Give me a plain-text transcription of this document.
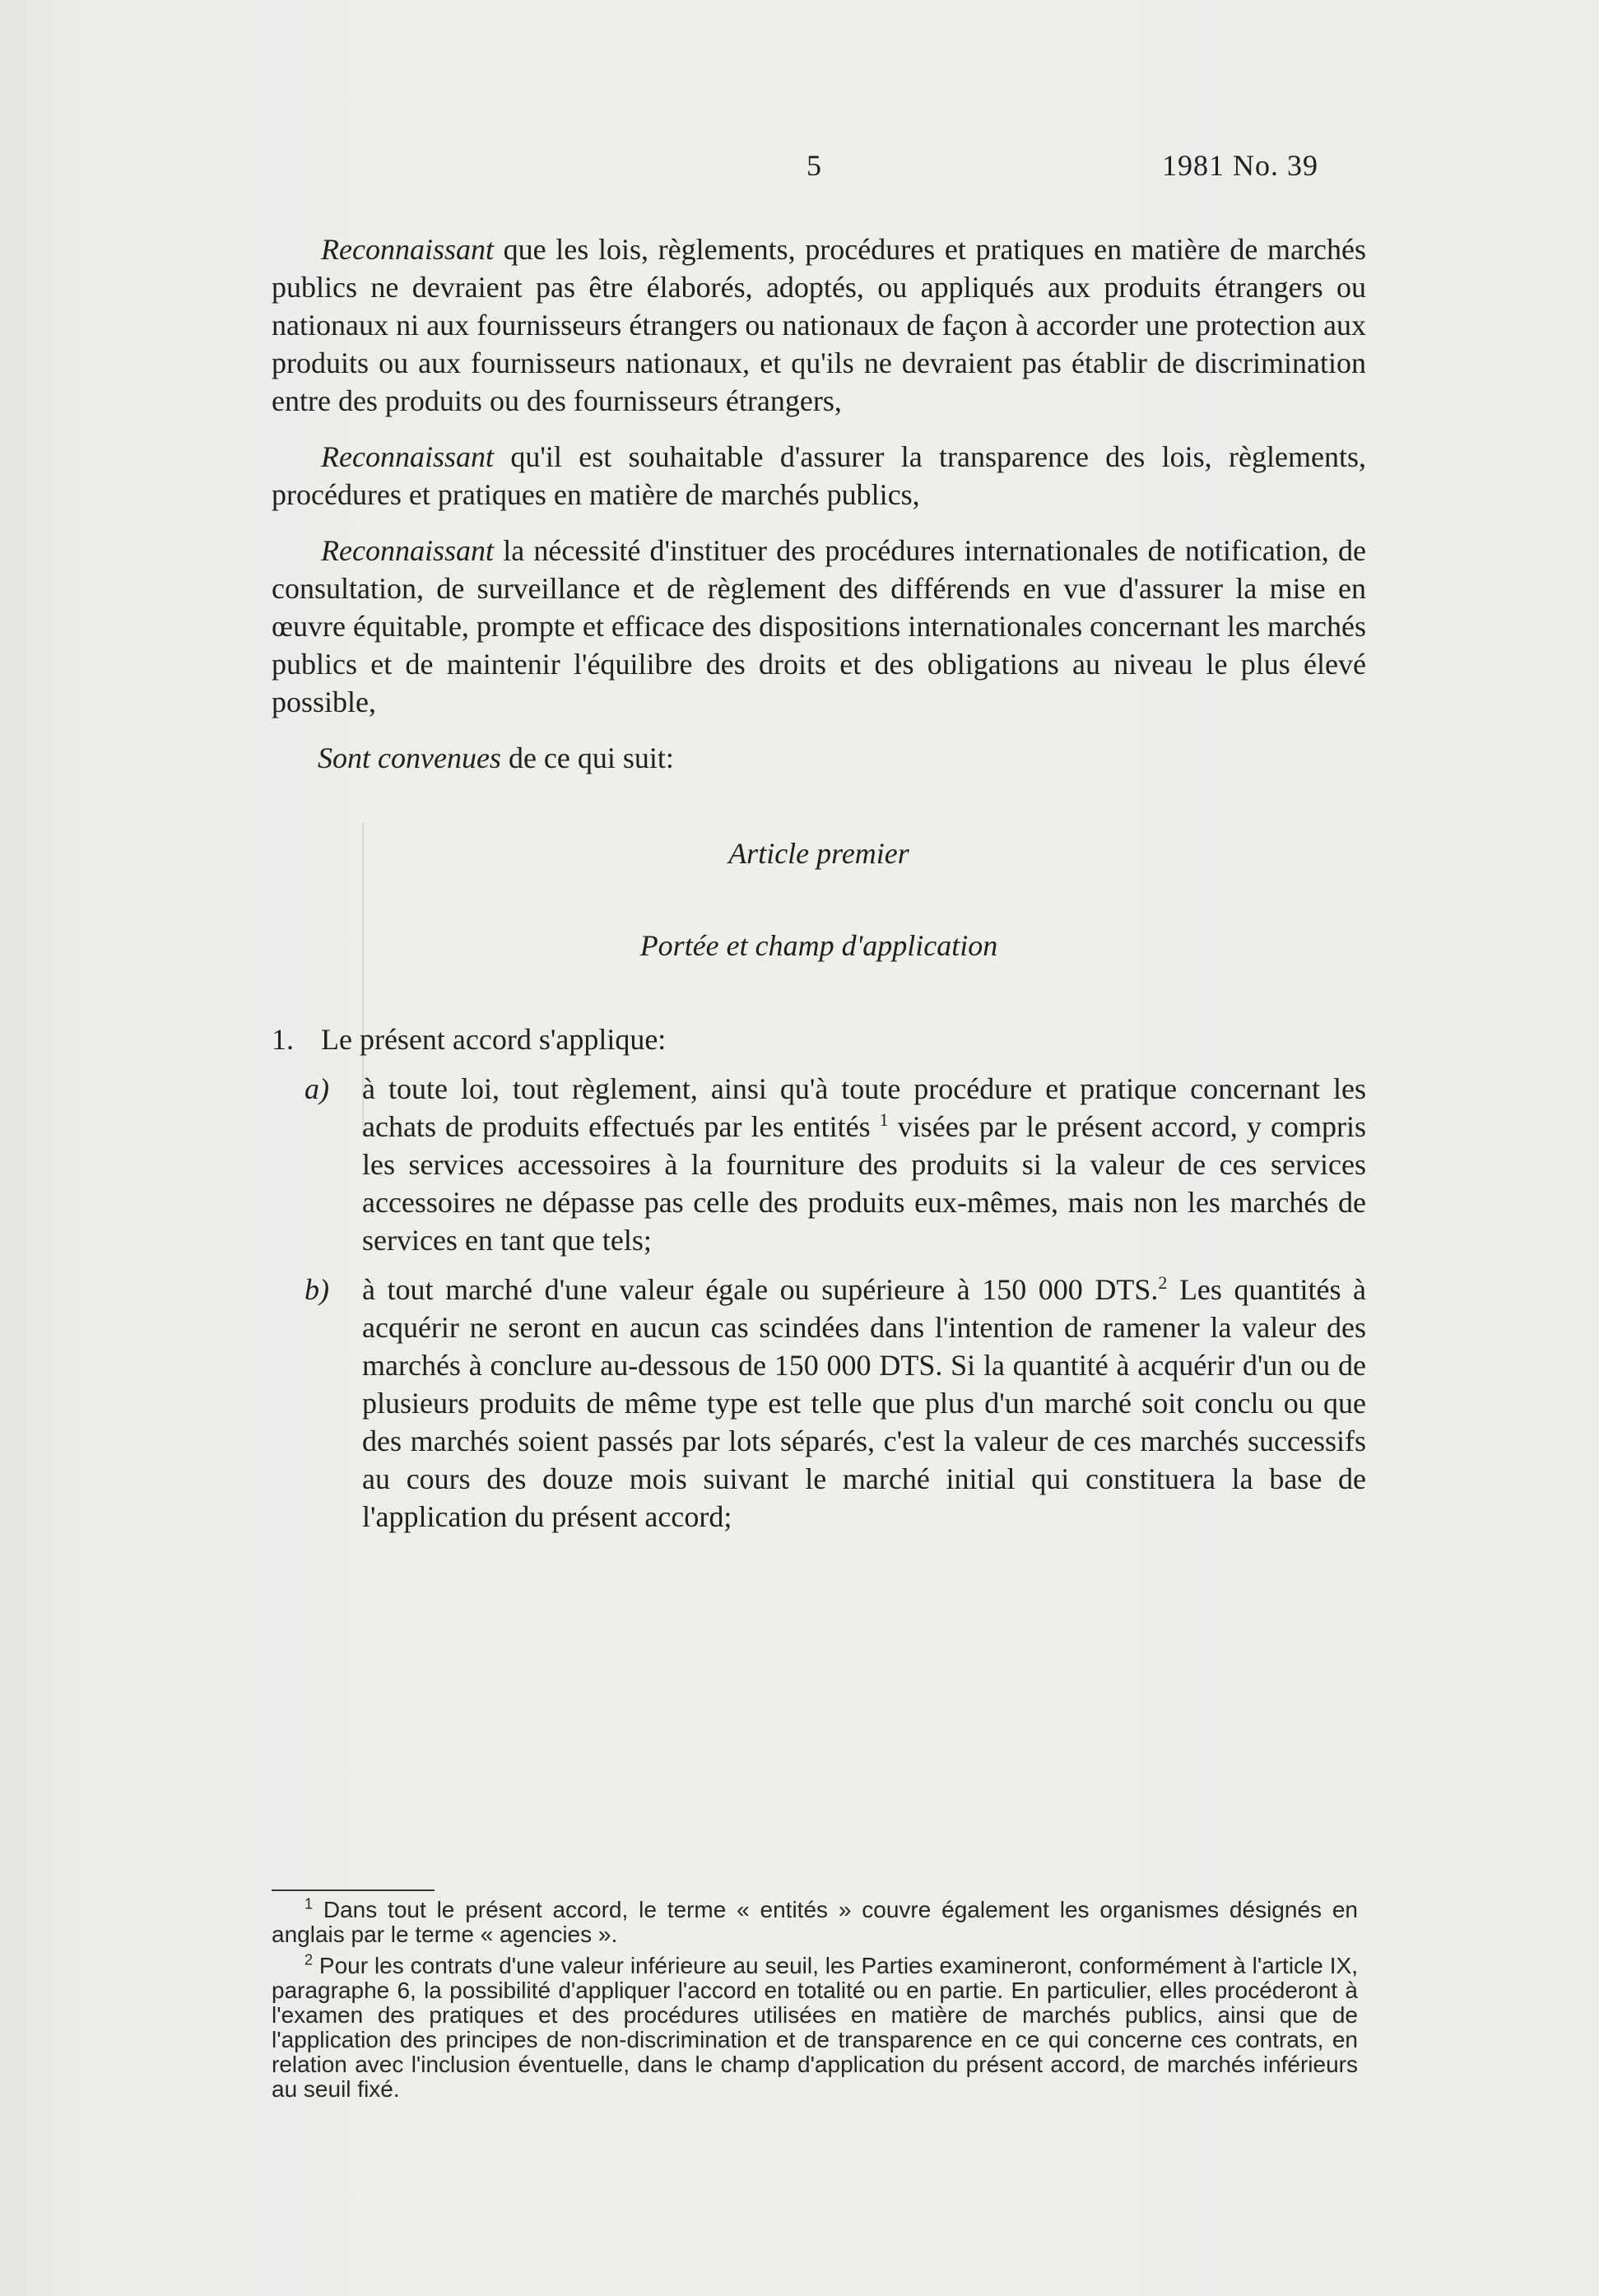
5	1981 No. 39

Reconnaissant que les lois, règlements, procédures et pratiques en matière de marchés publics ne devraient pas être élaborés, adoptés, ou appliqués aux produits étrangers ou nationaux ni aux fournisseurs étrangers ou nationaux de façon à accorder une protection aux produits ou aux fournisseurs nationaux, et qu'ils ne devraient pas établir de discrimination entre des produits ou des fournisseurs étrangers,

Reconnaissant qu'il est souhaitable d'assurer la transparence des lois, règlements, procédures et pratiques en matière de marchés publics,

Reconnaissant la nécessité d'instituer des procédures internationales de notification, de consultation, de surveillance et de règlement des différends en vue d'assurer la mise en œuvre équitable, prompte et efficace des dispositions internationales concernant les marchés publics et de maintenir l'équilibre des droits et des obligations au niveau le plus élevé possible,

Sont convenues de ce qui suit:

Article premier

Portée et champ d'application

1. Le présent accord s'applique:

a) à toute loi, tout règlement, ainsi qu'à toute procédure et pratique concernant les achats de produits effectués par les entités $^1$ visées par le présent accord, y compris les services accessoires à la fourniture des produits si la valeur de ces services accessoires ne dépasse pas celle des produits eux-mêmes, mais non les marchés de services en tant que tels;

b) à tout marché d'une valeur égale ou supérieure à 150 000 DTS.$^2$ Les quantités à acquérir ne seront en aucun cas scindées dans l'intention de ramener la valeur des marchés à conclure au-dessous de 150 000 DTS. Si la quantité à acquérir d'un ou de plusieurs produits de même type est telle que plus d'un marché soit conclu ou que des marchés soient passés par lots séparés, c'est la valeur de ces marchés successifs au cours des douze mois suivant le marché initial qui constituera la base de l'application du présent accord;

$^1$ Dans tout le présent accord, le terme « entités » couvre également les organismes désignés en anglais par le terme « agencies ».

$^2$ Pour les contrats d'une valeur inférieure au seuil, les Parties examineront, conformément à l'article IX, paragraphe 6, la possibilité d'appliquer l'accord en totalité ou en partie. En particulier, elles procéderont à l'examen des pratiques et des procédures utilisées en matière de marchés publics, ainsi que de l'application des principes de non-discrimination et de transparence en ce qui concerne ces contrats, en relation avec l'inclusion éventuelle, dans le champ d'application du présent accord, de marchés inférieurs au seuil fixé.
